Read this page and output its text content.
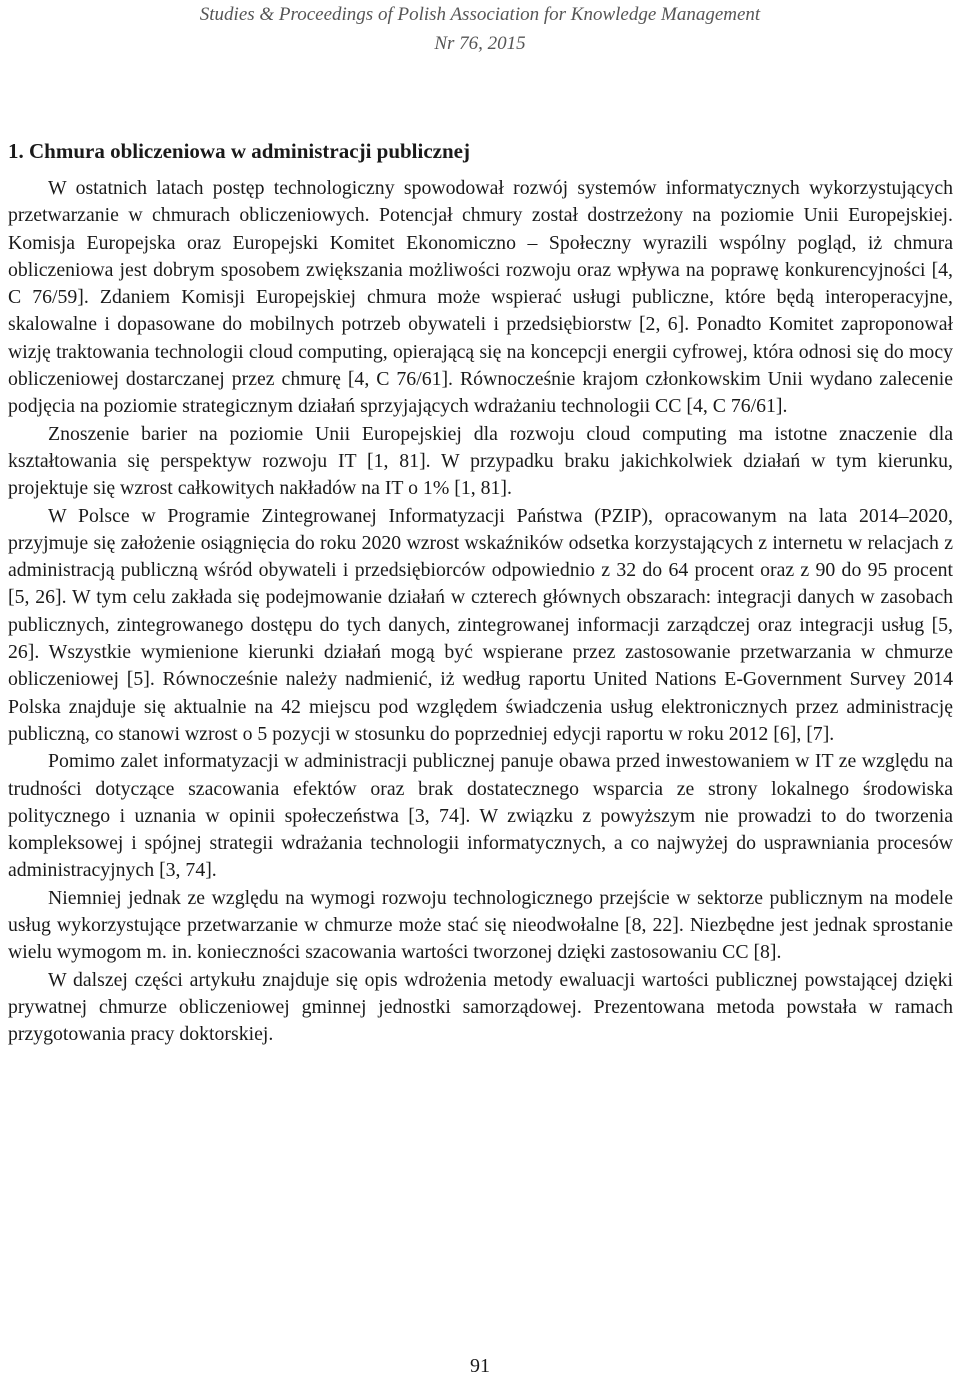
Studies & Proceedings of Polish Association for Knowledge Management
Nr 76, 2015
1. Chmura obliczeniowa w administracji publicznej

W ostatnich latach postęp technologiczny spowodował rozwój systemów informatycznych wykorzystujących przetwarzanie w chmurach obliczeniowych. Potencjał chmury został dostrzeżony na poziomie Unii Europejskiej. Komisja Europejska oraz Europejski Komitet Ekonomiczno – Społeczny wyrazili wspólny pogląd, iż chmura obliczeniowa jest dobrym sposobem zwiększania możliwości rozwoju oraz wpływa na poprawę konkurencyjności [4, C 76/59]. Zdaniem Komisji Europejskiej chmura może wspierać usługi publiczne, które będą interoperacyjne, skalowalne i dopasowane do mobilnych potrzeb obywateli i przedsiębiorstw [2, 6]. Ponadto Komitet zaproponował wizję traktowania technologii cloud computing, opierającą się na koncepcji energii cyfrowej, która odnosi się do mocy obliczeniowej dostarczanej przez chmurę [4, C 76/61]. Równocześnie krajom członkowskim Unii wydano zalecenie podjęcia na poziomie strategicznym działań sprzyjających wdrażaniu technologii CC [4, C 76/61].

Znoszenie barier na poziomie Unii Europejskiej dla rozwoju cloud computing ma istotne znaczenie dla kształtowania się perspektyw rozwoju IT [1, 81]. W przypadku braku jakichkolwiek działań w tym kierunku, projektuje się wzrost całkowitych nakładów na IT o 1% [1, 81].

W Polsce w Programie Zintegrowanej Informatyzacji Państwa (PZIP), opracowanym na lata 2014–2020, przyjmuje się założenie osiągnięcia do roku 2020 wzrost wskaźników odsetka korzystających z internetu w relacjach z administracją publiczną wśród obywateli i przedsiębiorców odpowiednio z 32 do 64 procent oraz z 90 do 95 procent [5, 26]. W tym celu zakłada się podejmowanie działań w czterech głównych obszarach: integracji danych w zasobach publicznych, zintegrowanego dostępu do tych danych, zintegrowanej informacji zarządczej oraz integracji usług [5, 26]. Wszystkie wymienione kierunki działań mogą być wspierane przez zastosowanie przetwarzania w chmurze obliczeniowej [5]. Równocześnie należy nadmienić, iż według raportu United Nations E-Government Survey 2014 Polska znajduje się aktualnie na 42 miejscu pod względem świadczenia usług elektronicznych przez administrację publiczną, co stanowi wzrost o 5 pozycji w stosunku do poprzedniej edycji raportu w roku 2012 [6], [7].

Pomimo zalet informatyzacji w administracji publicznej panuje obawa przed inwestowaniem w IT ze względu na trudności dotyczące szacowania efektów oraz brak dostatecznego wsparcia ze strony lokalnego środowiska politycznego i uznania w opinii społeczeństwa [3, 74]. W związku z powyższym nie prowadzi to do tworzenia kompleksowej i spójnej strategii wdrażania technologii informatycznych, a co najwyżej do usprawniania procesów administracyjnych [3, 74].

Niemniej jednak ze względu na wymogi rozwoju technologicznego przejście w sektorze publicznym na modele usług wykorzystujące przetwarzanie w chmurze może stać się nieodwołalne [8, 22]. Niezbędne jest jednak sprostanie wielu wymogom m. in. konieczności szacowania wartości tworzonej dzięki zastosowaniu CC [8].

W dalszej części artykułu znajduje się opis wdrożenia metody ewaluacji wartości publicznej powstającej dzięki prywatnej chmurze obliczeniowej gminnej jednostki samorządowej. Prezentowana metoda powstała w ramach przygotowania pracy doktorskiej.

91
